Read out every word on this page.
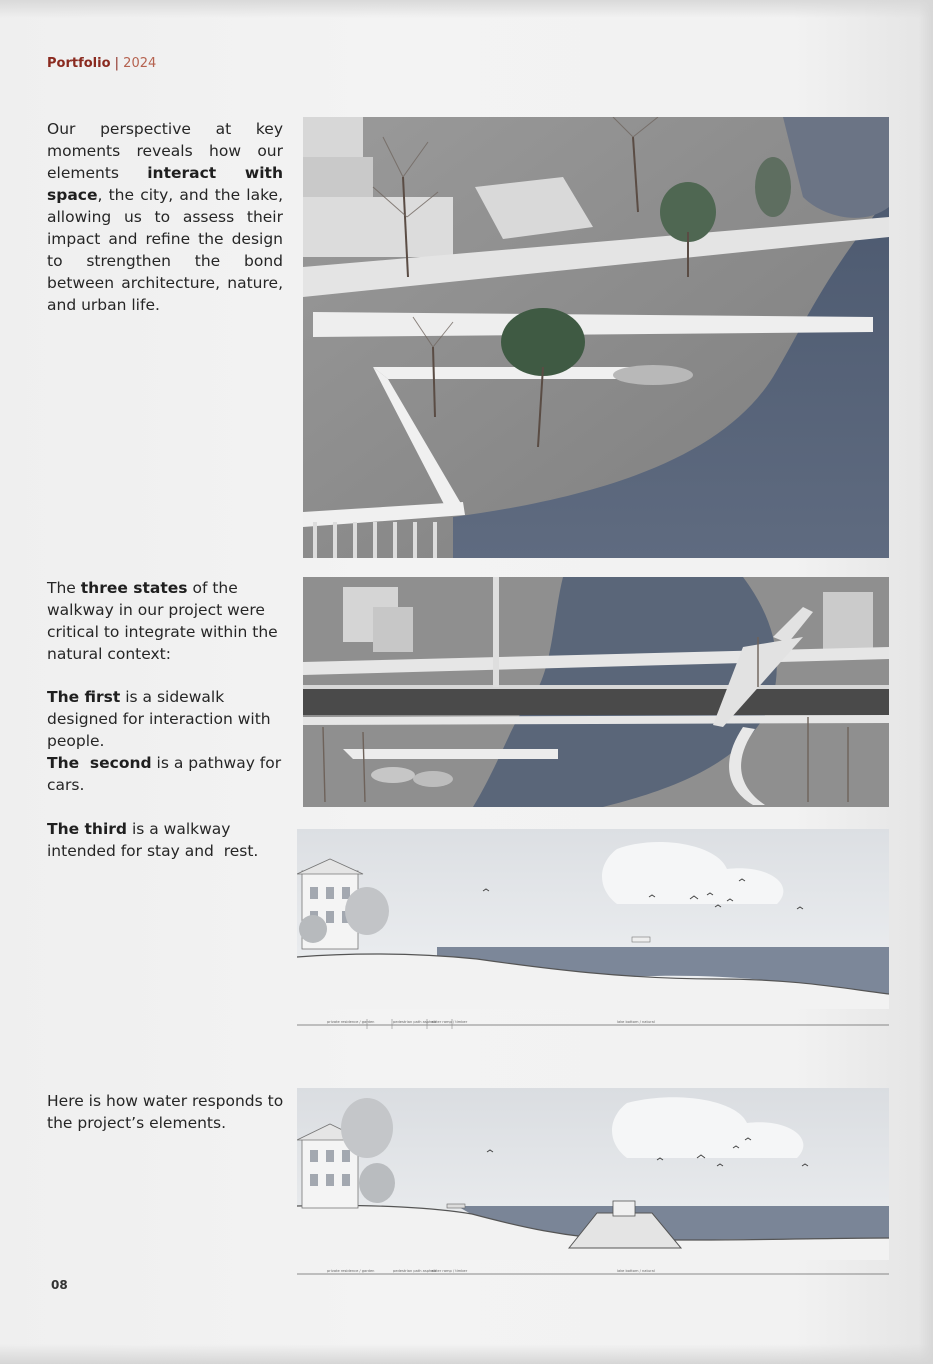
Portfolio | 2024
Our perspective at key moments reveals how our elements interact with space, the city, and the lake, allowing us to assess their impact and refine the design to strengthen the bond between architecture, nature, and urban life.
The three states of the walkway in our project were critical to integrate within the natural context:
The first is a sidewalk designed for interaction with people.
The  second is a pathway for cars.
The third is a walkway intended for stay and  rest.
Here is how water responds to the project’s elements.
private residence / garden	pedestrian path asphalt
water ramp / timber	lake bottom / natural
private residence / garden	pedestrian path asphalt
water ramp / timber	lake bottom / natural
08
